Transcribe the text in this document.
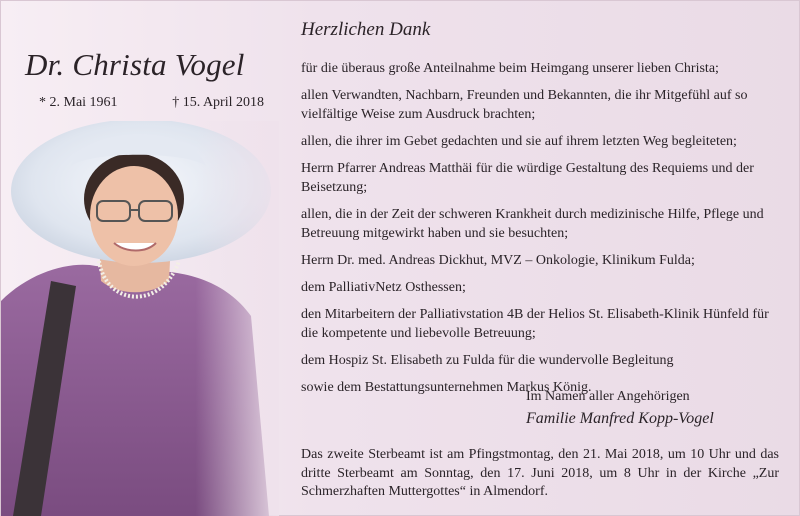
Dr. Christa Vogel
* 2. Mai 1961	† 15. April 2018
Herzlichen Dank

für die überaus große Anteilnahme beim Heimgang unserer lieben Christa;

allen Verwandten, Nachbarn, Freunden und Bekannten, die ihr Mitgefühl auf so vielfältige Weise zum Ausdruck brachten;

allen, die ihrer im Gebet gedachten und sie auf ihrem letzten Weg begleiteten;

Herrn Pfarrer Andreas Matthäi für die würdige Gestaltung des Requiems und der Beisetzung;

allen, die in der Zeit der schweren Krankheit durch medizinische Hilfe, Pflege und Betreuung mitgewirkt haben und sie besuchten;

Herrn Dr. med. Andreas Dickhut, MVZ – Onkologie, Klinikum Fulda;

dem PalliativNetz Osthessen;

den Mitarbeitern der Palliativstation 4B der Helios St. Elisabeth-Klinik Hünfeld für die kompetente und liebevolle Betreuung;

dem Hospiz St. Elisabeth zu Fulda für die wundervolle Begleitung

sowie dem Bestattungsunternehmen Markus König.

Im Namen aller Angehörigen
Familie Manfred Kopp-Vogel
Das zweite Sterbeamt ist am Pfingstmontag, den 21. Mai 2018, um 10 Uhr und das dritte Sterbeamt am Sonntag, den 17. Juni 2018, um 8 Uhr in der Kirche „Zur Schmerzhaften Muttergottes“ in Almendorf.
